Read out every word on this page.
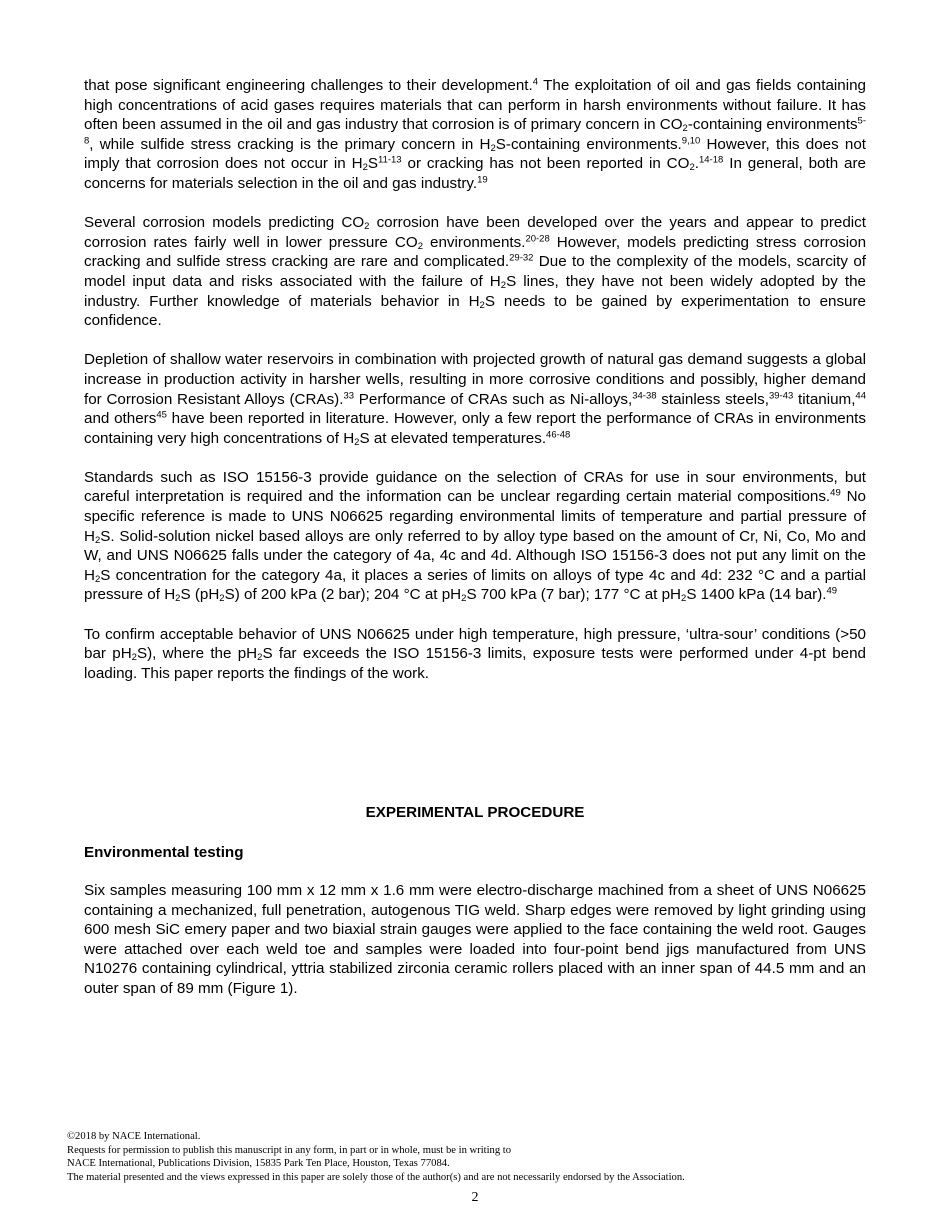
that pose significant engineering challenges to their development.$^4$ The exploitation of oil and gas fields containing high concentrations of acid gases requires materials that can perform in harsh environments without failure. It has often been assumed in the oil and gas industry that corrosion is of primary concern in $CO_2$-containing environments$^{5-8}$, while sulfide stress cracking is the primary concern in $H_2S$-containing environments.$^{9,10}$ However, this does not imply that corrosion does not occur in $H_2S^{11-13}$ or cracking has not been reported in $CO_2.^{14-18}$ In general, both are concerns for materials selection in the oil and gas industry.$^{19}$

Several corrosion models predicting $CO_2$ corrosion have been developed over the years and appear to predict corrosion rates fairly well in lower pressure $CO_2$ environments.$^{20-28}$ However, models predicting stress corrosion cracking and sulfide stress cracking are rare and complicated.$^{29-32}$ Due to the complexity of the models, scarcity of model input data and risks associated with the failure of $H_2S$ lines, they have not been widely adopted by the industry. Further knowledge of materials behavior in $H_2S$ needs to be gained by experimentation to ensure confidence.

Depletion of shallow water reservoirs in combination with projected growth of natural gas demand suggests a global increase in production activity in harsher wells, resulting in more corrosive conditions and possibly, higher demand for Corrosion Resistant Alloys (CRAs).$^{33}$ Performance of CRAs such as Ni-alloys,$^{34-38}$ stainless steels,$^{39-43}$ titanium,$^{44}$ and others$^{45}$ have been reported in literature. However, only a few report the performance of CRAs in environments containing very high concentrations of $H_2S$ at elevated temperatures.$^{46-48}$

Standards such as ISO 15156-3 provide guidance on the selection of CRAs for use in sour environments, but careful interpretation is required and the information can be unclear regarding certain material compositions.$^{49}$ No specific reference is made to UNS N06625 regarding environmental limits of temperature and partial pressure of $H_2S$. Solid-solution nickel based alloys are only referred to by alloy type based on the amount of Cr, Ni, Co, Mo and W, and UNS N06625 falls under the category of 4a, 4c and 4d. Although ISO 15156-3 does not put any limit on the $H_2S$ concentration for the category 4a, it places a series of limits on alloys of type 4c and 4d: 232 °C and a partial pressure of $H_2S$ $(pH_2S)$ of 200 kPa (2 bar); 204 °C at $pH_2S$ 700 kPa (7 bar); 177 °C at $pH_2S$ 1400 kPa (14 bar).$^{49}$

To confirm acceptable behavior of UNS N06625 under high temperature, high pressure, ‘ultra-sour’ conditions (>50 bar $pH_2S$), where the $pH_2S$ far exceeds the ISO 15156-3 limits, exposure tests were performed under 4-pt bend loading. This paper reports the findings of the work.

EXPERIMENTAL PROCEDURE
Environmental testing
Six samples measuring 100 mm x 12 mm x 1.6 mm were electro-discharge machined from a sheet of UNS N06625 containing a mechanized, full penetration, autogenous TIG weld. Sharp edges were removed by light grinding using 600 mesh SiC emery paper and two biaxial strain gauges were applied to the face containing the weld root. Gauges were attached over each weld toe and samples were loaded into four-point bend jigs manufactured from UNS N10276 containing cylindrical, yttria stabilized zirconia ceramic rollers placed with an inner span of 44.5 mm and an outer span of 89 mm (Figure 1).
©2018 by NACE International.
Requests for permission to publish this manuscript in any form, in part or in whole, must be in writing to
NACE International, Publications Division, 15835 Park Ten Place, Houston, Texas 77084.
The material presented and the views expressed in this paper are solely those of the author(s) and are not necessarily endorsed by the Association.
2
